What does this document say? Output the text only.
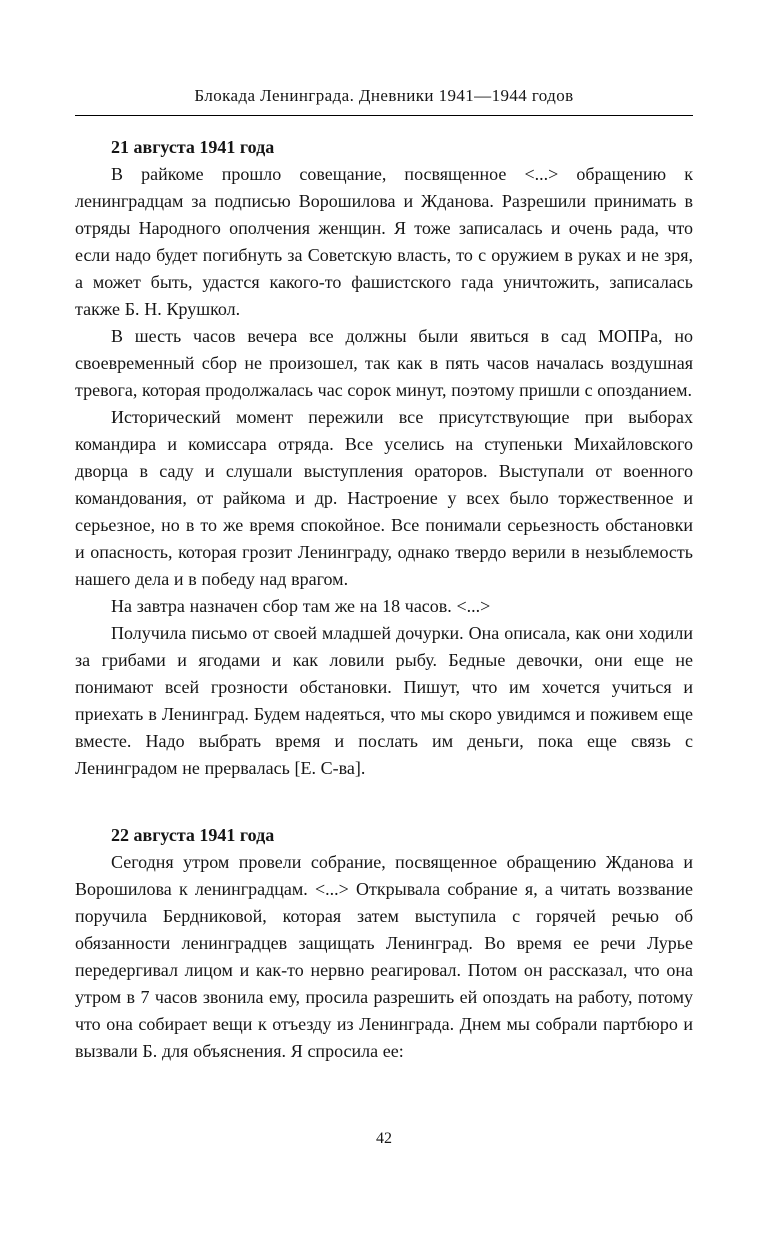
Блокада Ленинграда. Дневники 1941—1944 годов
21 августа 1941 года

В райкоме прошло совещание, посвященное <...> обращению к ленинградцам за подписью Ворошилова и Жданова. Разрешили принимать в отряды Народного ополчения женщин. Я тоже записалась и очень рада, что если надо будет погибнуть за Советскую власть, то с оружием в руках и не зря, а может быть, удастся какого-то фашистского гада уничтожить, записалась также Б. Н. Крушкол.

В шесть часов вечера все должны были явиться в сад МОПРа, но своевременный сбор не произошел, так как в пять часов началась воздушная тревога, которая продолжалась час сорок минут, поэтому пришли с опозданием.

Исторический момент пережили все присутствующие при выборах командира и комиссара отряда. Все уселись на ступеньки Михайловского дворца в саду и слушали выступления ораторов. Выступали от военного командования, от райкома и др. Настроение у всех было торжественное и серьезное, но в то же время спокойное. Все понимали серьезность обстановки и опасность, которая грозит Ленинграду, однако твердо верили в незыблемость нашего дела и в победу над врагом.

На завтра назначен сбор там же на 18 часов. <...>

Получила письмо от своей младшей дочурки. Она описала, как они ходили за грибами и ягодами и как ловили рыбу. Бедные девочки, они еще не понимают всей грозности обстановки. Пишут, что им хочется учиться и приехать в Ленинград. Будем надеяться, что мы скоро увидимся и поживем еще вместе. Надо выбрать время и послать им деньги, пока еще связь с Ленинградом не прервалась [Е. С-ва].

22 августа 1941 года

Сегодня утром провели собрание, посвященное обращению Жданова и Ворошилова к ленинградцам. <...> Открывала собрание я, а читать воззвание поручила Бердниковой, которая затем выступила с горячей речью об обязанности ленинградцев защищать Ленинград. Во время ее речи Лурье передергивал лицом и как-то нервно реагировал. Потом он рассказал, что она утром в 7 часов звонила ему, просила разрешить ей опоздать на работу, потому что она собирает вещи к отъезду из Ленинграда. Днем мы собрали партбюро и вызвали Б. для объяснения. Я спросила ее:

42
